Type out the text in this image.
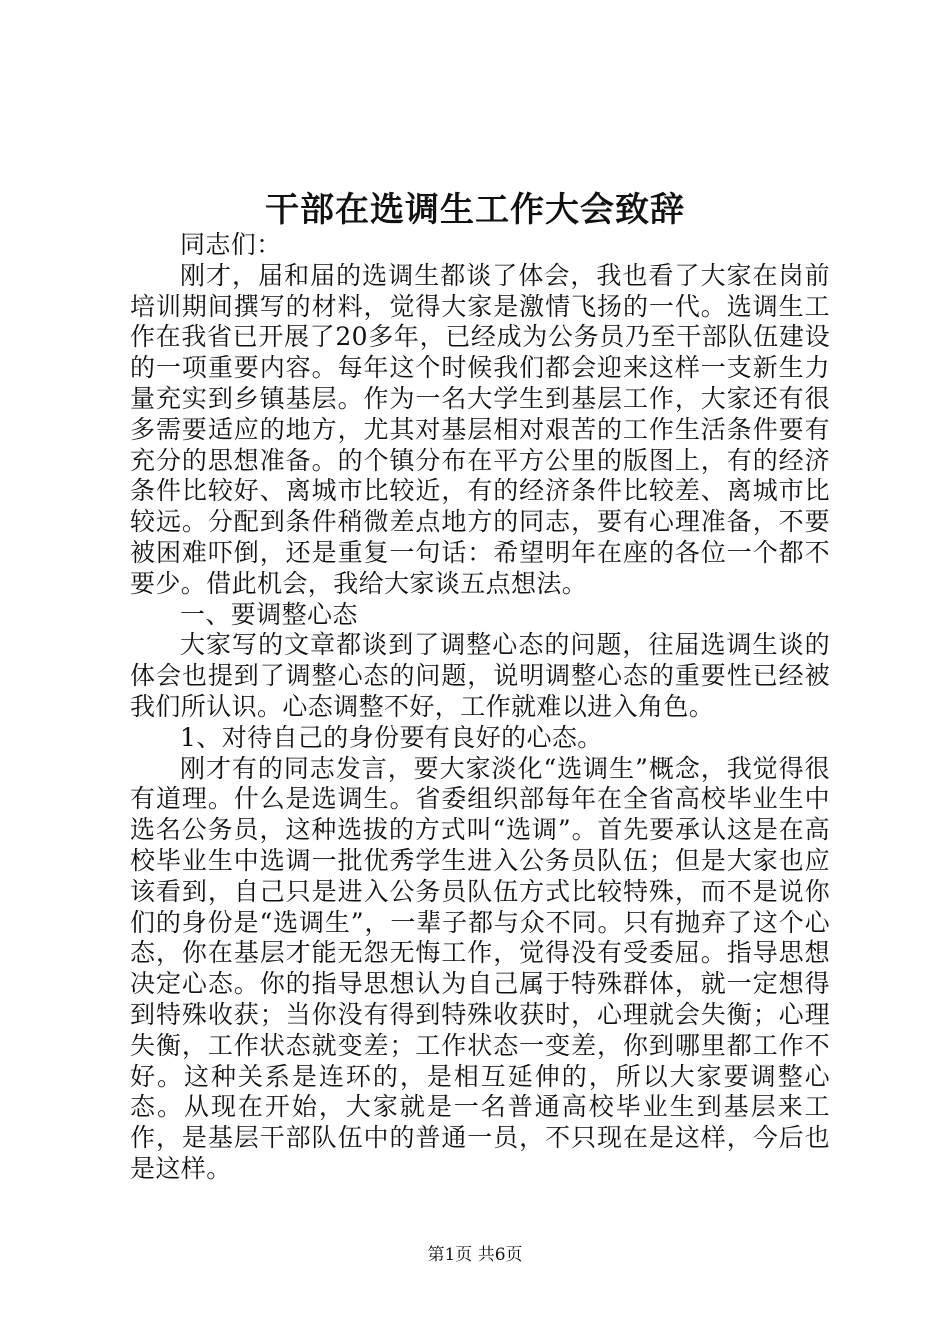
干部在选调生工作大会致辞

同志们：

刚才，届和届的选调生都谈了体会，我也看了大家在岗前培训期间撰写的材料，觉得大家是激情飞扬的一代。选调生工作在我省已开展了20多年，已经成为公务员乃至干部队伍建设的一项重要内容。每年这个时候我们都会迎来这样一支新生力量充实到乡镇基层。作为一名大学生到基层工作，大家还有很多需要适应的地方，尤其对基层相对艰苦的工作生活条件要有充分的思想准备。的个镇分布在平方公里的版图上，有的经济条件比较好、离城市比较近，有的经济条件比较差、离城市比较远。分配到条件稍微差点地方的同志，要有心理准备，不要被困难吓倒，还是重复一句话：希望明年在座的各位一个都不要少。借此机会，我给大家谈五点想法。

一、要调整心态

大家写的文章都谈到了调整心态的问题，往届选调生谈的体会也提到了调整心态的问题，说明调整心态的重要性已经被我们所认识。心态调整不好，工作就难以进入角色。

1、对待自己的身份要有良好的心态。

刚才有的同志发言，要大家淡化“选调生”概念，我觉得很有道理。什么是选调生。省委组织部每年在全省高校毕业生中选名公务员，这种选拔的方式叫“选调”。首先要承认这是在高校毕业生中选调一批优秀学生进入公务员队伍；但是大家也应该看到，自己只是进入公务员队伍方式比较特殊，而不是说你们的身份是“选调生”，一辈子都与众不同。只有抛弃了这个心态，你在基层才能无怨无悔工作，觉得没有受委屈。指导思想决定心态。你的指导思想认为自己属于特殊群体，就一定想得到特殊收获；当你没有得到特殊收获时，心理就会失衡；心理失衡，工作状态就变差；工作状态一变差，你到哪里都工作不好。这种关系是连环的，是相互延伸的，所以大家要调整心态。从现在开始，大家就是一名普通高校毕业生到基层来工作，是基层干部队伍中的普通一员，不只现在是这样，今后也是这样。

第1页 共6页
